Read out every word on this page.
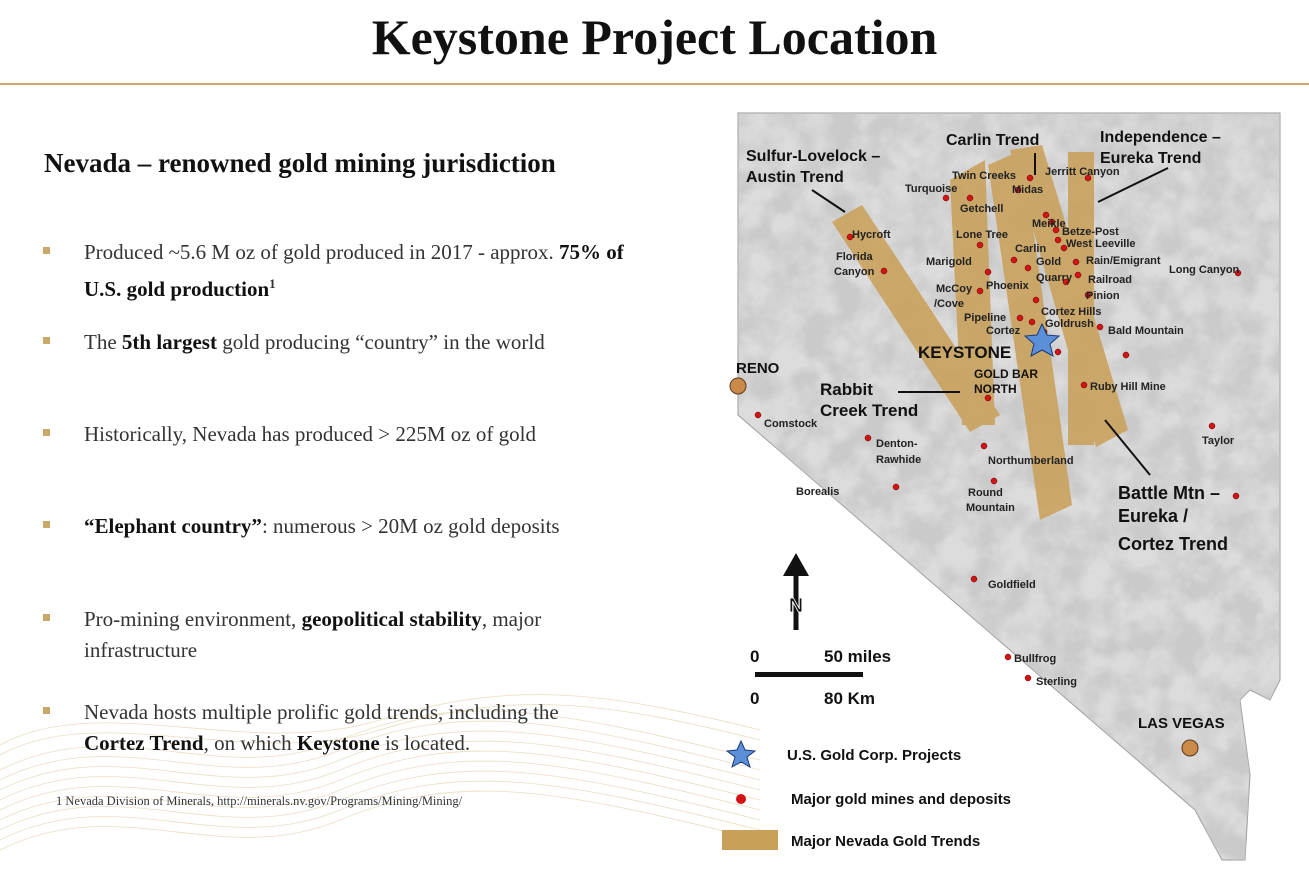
Keystone Project Location
Nevada – renowned gold mining jurisdiction
Produced ~5.6 M oz of gold produced in 2017 - approx. 75% of U.S. gold production$^1$
The 5th largest gold producing “country” in the world
Historically, Nevada has produced > 225M oz of gold
“Elephant country”: numerous > 20M oz gold deposits
Pro-mining environment, geopolitical stability, major infrastructure
Nevada hosts multiple prolific gold trends, including the Cortez Trend, on which Keystone is located.
1 Nevada Division of Minerals, http://minerals.nv.gov/Programs/Mining/Mining/
Carlin Trend	Independence –
Eureka Trend
Sulfur-Lovelock –
Austin Trend
Rabbit
Creek Trend
Battle Mtn –
Eureka /
Cortez Trend
RENO
LAS VEGAS
KEYSTONE
GOLD BAR
NORTH
Twin Creeks	Jerritt Canyon
Turquoise	Midas
Getchell
Meikle
Betze-Post
Hycroft	Lone Tree
West Leeville
Carlin
Florida
Canyon
Gold Rain/Emigrant
Long Canyon
Marigold
Quarry Railroad
Pinion
McCoy
/Cove
Phoenix
Cortez Hills
Goldrush
Pipeline
Cortez	Bald Mountain
Ruby Hill Mine
Comstock
Taylor
Denton-
Rawhide	Northumberland
Borealis	Round
Mountain
Goldfield
Bullfrog
Sterling
N
0	50 miles
0	80 Km
U.S. Gold Corp. Projects
Major gold mines and deposits
Major Nevada Gold Trends
